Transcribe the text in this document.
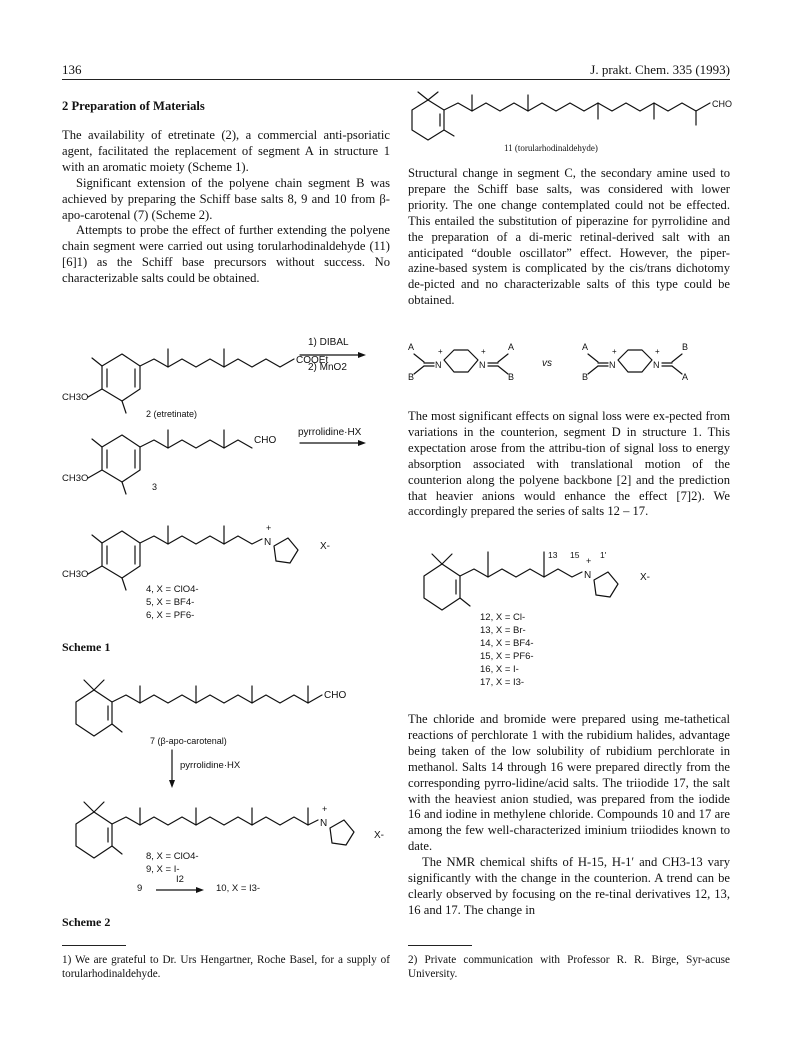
136	J. prakt. Chem. 335 (1993)
2 Preparation of Materials

The availability of etretinate (2), a commercial anti-psoriatic agent, facilitated the replacement of segment A in structure 1 with an aromatic moiety (Scheme 1).

Significant extension of the polyene chain segment B was achieved by preparing the Schiff base salts 8, 9 and 10 from β-apo-carotenal (7) (Scheme 2).

Attempts to probe the effect of further extending the polyene chain segment were carried out using torularhodinaldehyde (11) [6]1) as the Schiff base precursors without success. No characterizable salts could be obtained.

COOEt
CH3O
2 (etretinate)
1) DIBAL
2) MnO2
CHO
CH3O
3
pyrrolidine·HX
N
+
X-
CH3O
4, X = ClO4-
5, X = BF4-
6, X = PF6-
Scheme 1
CHO
7 (β-apo-carotenal)
pyrrolidine·HX
N
+
X-
8, X = ClO4-
9, X = I-
9
I2
→ 10, X = I3-
Scheme 2
CHO
11 (torularhodinaldehyde)

Structural change in segment C, the secondary amine used to prepare the Schiff base salts, was considered with lower priority. The one change contemplated could not be effected. This entailed the substitution of piperazine for pyrrolidine and the preparation of a di-meric retinal-derived salt with an anticipated “double oscillator” effect. However, the piper-azine-based system is complicated by the cis/trans dichotomy de-picted and no characterizable salts of this type could be obtained.

A
B
N
+
N
+ A
B
vs
A
B
N
+
N
+ B
A

The most significant effects on signal loss were ex-pected from variations in the counterion, segment D in structure 1. This expectation arose from the attribu-tion of signal loss to energy absorption associated with translational motion of the counterion along the polyene backbone [2] and the prediction that heavier anions would enhance the effect [7]2). We accordingly prepared the series of salts 12 – 17.

N
+
13 15 1'
X-
12, X = Cl-
13, X = Br-
14, X = BF4-
15, X = PF6-
16, X = I-
17, X = I3-

The chloride and bromide were prepared using me-tathetical reactions of perchlorate 1 with the rubidium halides, advantage being taken of the low solubility of rubidium perchlorate in methanol. Salts 14 through 16 were prepared directly from the corresponding pyrro-lidine/acid salts. The triiodide 17, the salt with the heaviest anion studied, was prepared from the iodide 16 and iodine in methylene chloride. Compounds 10 and 17 are among the few well-characterized iminium triiodides known to date.

The NMR chemical shifts of H-15, H-1′ and CH3-13 vary significantly with the change in the counterion. A trend can be clearly observed by focusing on the re-tinal derivatives 12, 13, 16 and 17. The change in

1) We are grateful to Dr. Urs Hengartner, Roche Basel, for a supply of torularhodinaldehyde.

2) Private communication with Professor R. R. Birge, Syr-acuse University.
